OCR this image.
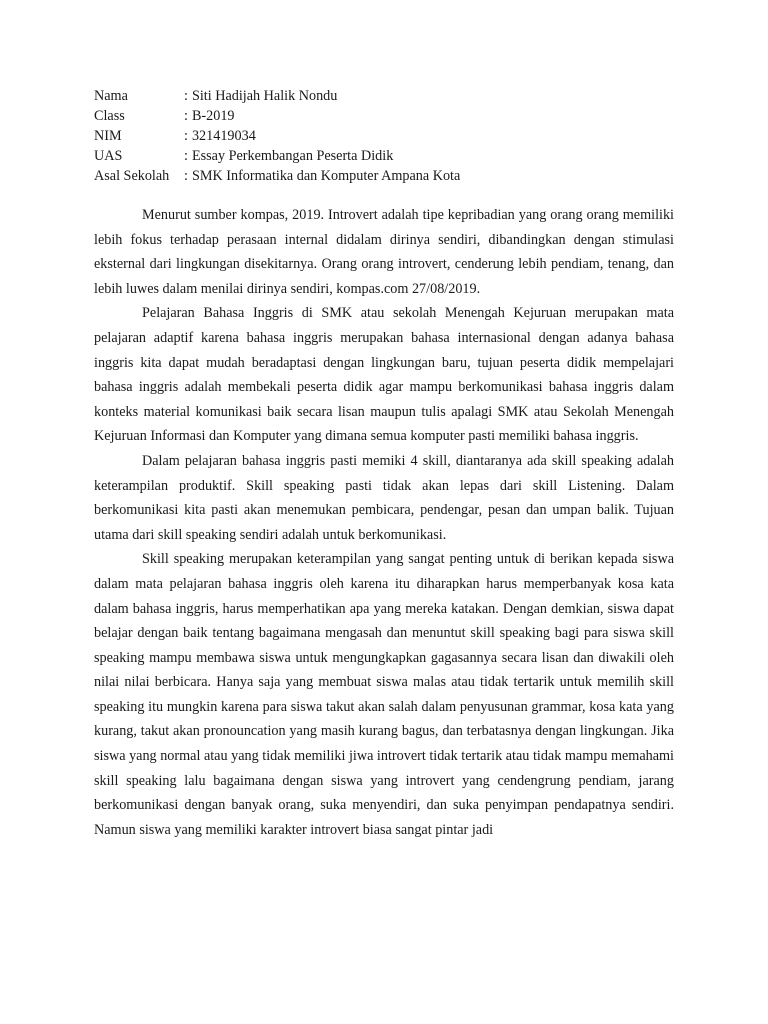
Nama	: Siti Hadijah Halik Nondu
Class	: B-2019
NIM	: 321419034
UAS	: Essay Perkembangan Peserta Didik
Asal Sekolah	: SMK Informatika dan Komputer Ampana Kota

Menurut sumber kompas, 2019. Introvert adalah tipe kepribadian yang orang orang memiliki lebih fokus terhadap perasaan internal didalam dirinya sendiri, dibandingkan dengan stimulasi eksternal dari lingkungan disekitarnya. Orang orang introvert, cenderung lebih pendiam, tenang, dan lebih luwes dalam menilai dirinya sendiri, kompas.com 27/08/2019.

Pelajaran Bahasa Inggris di SMK atau sekolah Menengah Kejuruan merupakan mata pelajaran adaptif karena bahasa inggris merupakan bahasa internasional dengan adanya bahasa inggris kita dapat mudah beradaptasi dengan lingkungan baru, tujuan peserta didik mempelajari bahasa inggris adalah membekali peserta didik agar mampu berkomunikasi bahasa inggris dalam konteks material komunikasi baik secara lisan maupun tulis apalagi SMK atau Sekolah Menengah Kejuruan Informasi dan Komputer yang dimana semua komputer pasti memiliki bahasa inggris.

Dalam pelajaran bahasa inggris pasti memiki 4 skill, diantaranya ada skill speaking adalah keterampilan produktif. Skill speaking pasti tidak akan lepas dari skill Listening. Dalam berkomunikasi kita pasti akan menemukan pembicara, pendengar, pesan dan umpan balik. Tujuan utama dari skill speaking sendiri adalah untuk berkomunikasi.

Skill speaking merupakan keterampilan yang sangat penting untuk di berikan kepada siswa dalam mata pelajaran bahasa inggris oleh karena itu diharapkan harus memperbanyak kosa kata dalam bahasa inggris, harus memperhatikan apa yang mereka katakan. Dengan demkian, siswa dapat belajar dengan baik tentang bagaimana mengasah dan menuntut skill speaking bagi para siswa skill speaking mampu membawa siswa untuk mengungkapkan gagasannya secara lisan dan diwakili oleh nilai nilai berbicara. Hanya saja yang membuat siswa malas atau tidak tertarik untuk memilih skill speaking itu mungkin karena para siswa takut akan salah dalam penyusunan grammar, kosa kata yang kurang, takut akan pronouncation yang masih kurang bagus, dan terbatasnya dengan lingkungan. Jika siswa yang normal atau yang tidak memiliki jiwa introvert tidak tertarik atau tidak mampu memahami skill speaking lalu bagaimana dengan siswa yang introvert yang cendengrung pendiam, jarang berkomunikasi dengan banyak orang, suka menyendiri, dan suka penyimpan pendapatnya sendiri. Namun siswa yang memiliki karakter introvert biasa sangat pintar jadi
